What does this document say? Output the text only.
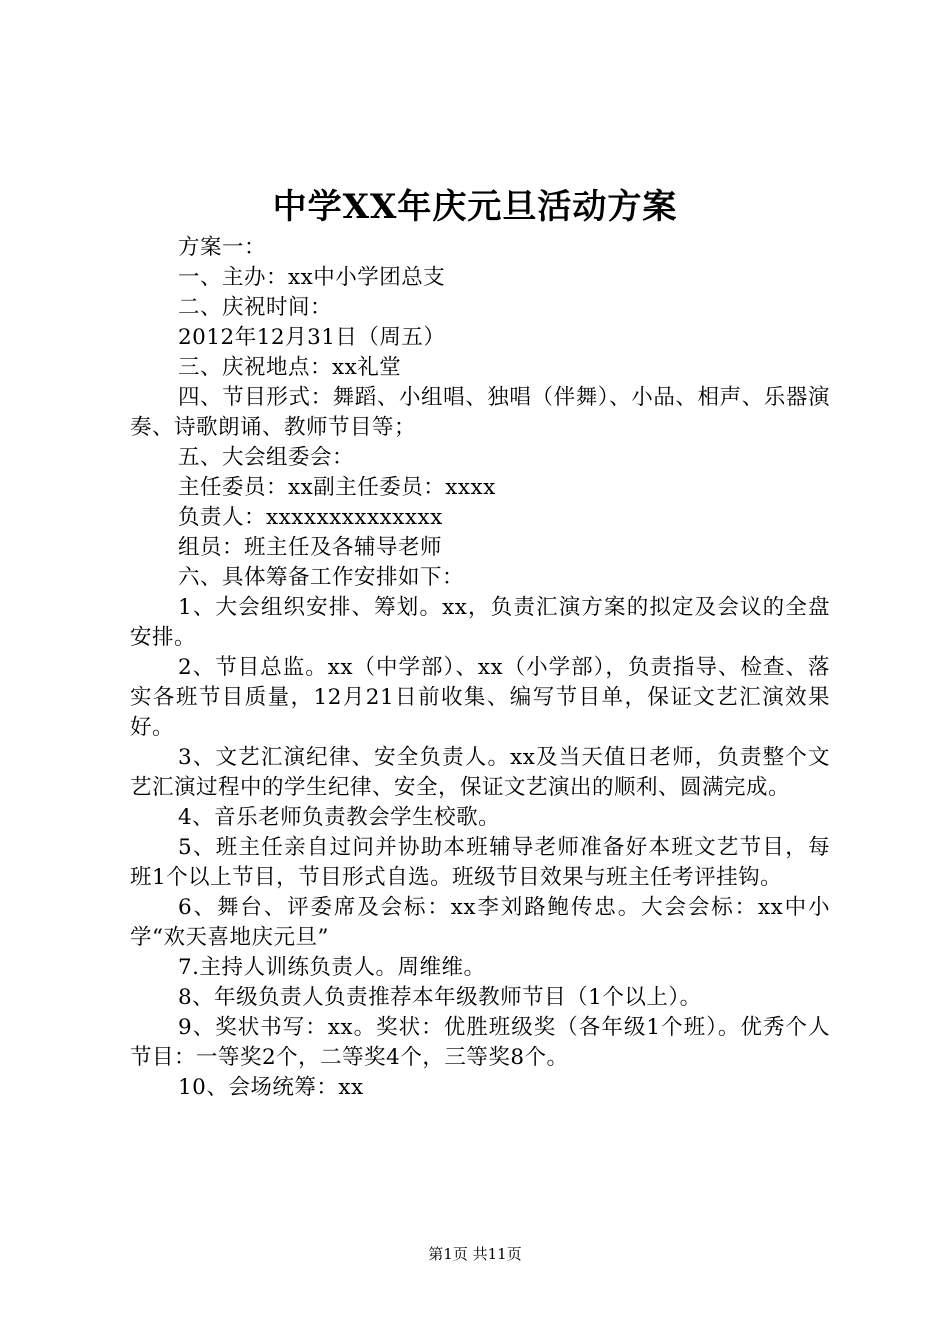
中学XX年庆元旦活动方案

方案一：

一、主办：xx中小学团总支

二、庆祝时间：

2012年12月31日（周五）

三、庆祝地点：xx礼堂

四、节目形式：舞蹈、小组唱、独唱（伴舞）、小品、相声、乐器演奏、诗歌朗诵、教师节目等；

五、大会组委会：

主任委员：xx副主任委员：xxxx

负责人：xxxxxxxxxxxxxx

组员：班主任及各辅导老师

六、具体筹备工作安排如下：

1、大会组织安排、筹划。xx，负责汇演方案的拟定及会议的全盘安排。

2、节目总监。xx（中学部）、xx（小学部），负责指导、检查、落实各班节目质量，12月21日前收集、编写节目单，保证文艺汇演效果好。

3、文艺汇演纪律、安全负责人。xx及当天值日老师，负责整个文艺汇演过程中的学生纪律、安全，保证文艺演出的顺利、圆满完成。

4、音乐老师负责教会学生校歌。

5、班主任亲自过问并协助本班辅导老师准备好本班文艺节目，每班1个以上节目，节目形式自选。班级节目效果与班主任考评挂钩。

6、舞台、评委席及会标：xx李刘路鲍传忠。大会会标：xx中小学“欢天喜地庆元旦”

7.主持人训练负责人。周维维。

8、年级负责人负责推荐本年级教师节目（1个以上）。

9、奖状书写：xx。奖状：优胜班级奖（各年级1个班）。优秀个人节目：一等奖2个，二等奖4个，三等奖8个。

10、会场统筹：xx

第1页 共11页
